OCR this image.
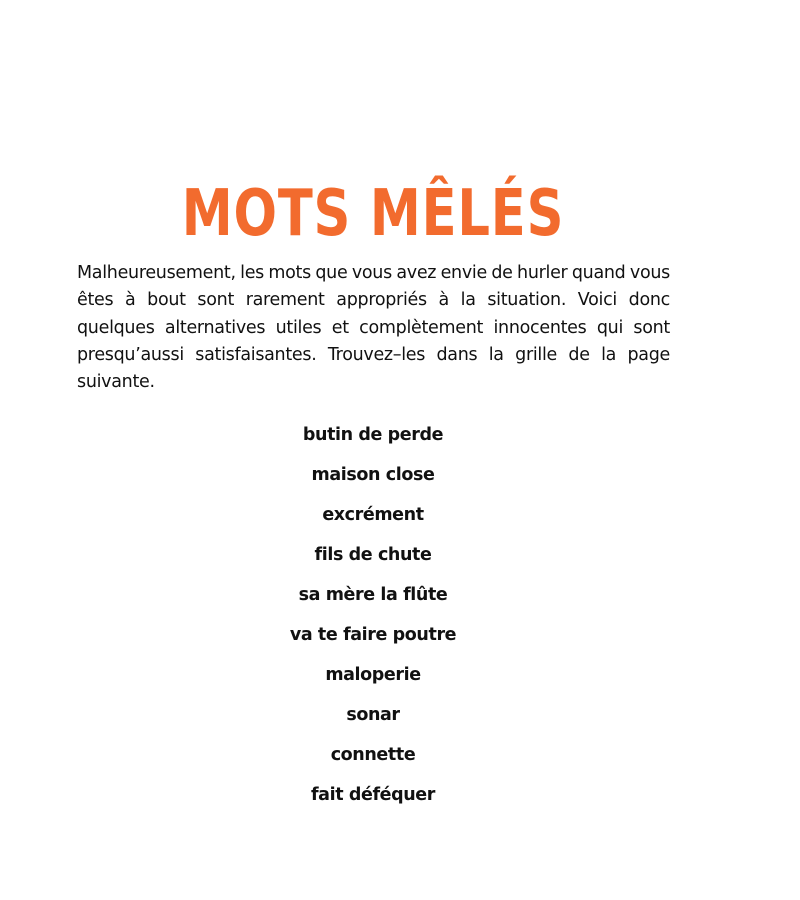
MOTS MÊLÉS

Malheureusement, les mots que vous avez envie de hurler quand vous êtes à bout sont rarement appropriés à la situation. Voici donc quelques alternatives utiles et complètement innocentes qui sont presqu’aussi satisfaisantes. Trouvez–les dans la grille de la page suivante.

butin de perde
maison close
excrément
fils de chute
sa mère la flûte
va te faire poutre
maloperie
sonar
connette
fait déféquer
